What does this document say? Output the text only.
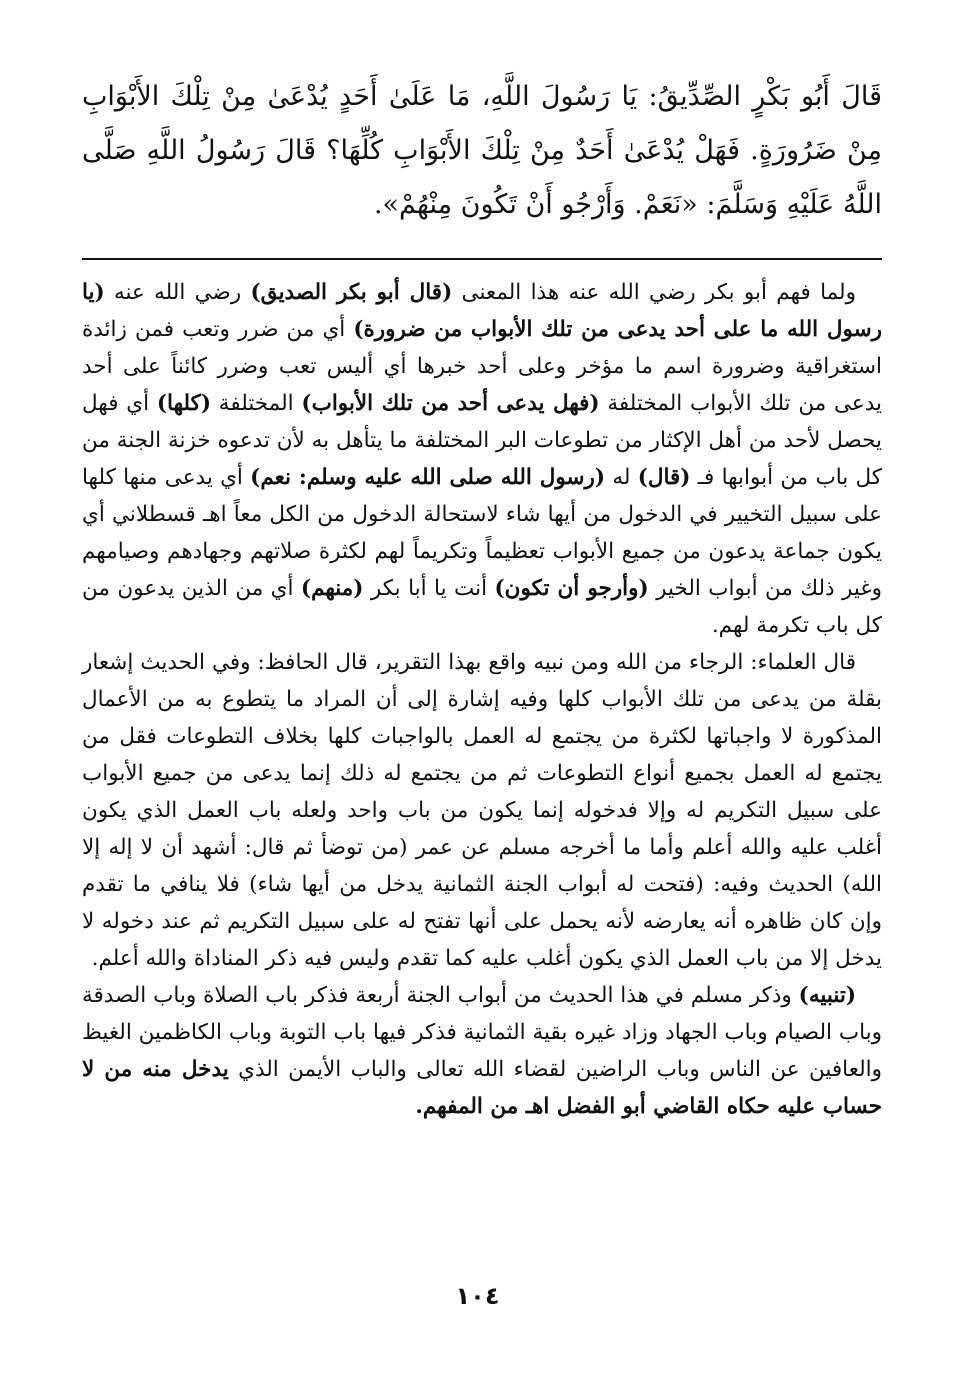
قَالَ أَبُو بَكْرٍ الصِّدِّيقُ: يَا رَسُولَ اللَّهِ، مَا عَلَىٰ أَحَدٍ يُدْعَىٰ مِنْ تِلْكَ الأَبْوَابِ مِنْ ضَرُورَةٍ. فَهَلْ يُدْعَىٰ أَحَدٌ مِنْ تِلْكَ الأَبْوَابِ كُلِّهَا؟ قَالَ رَسُولُ اللَّهِ صَلَّى اللَّهُ عَلَيْهِ وَسَلَّمَ: «نَعَمْ. وَأَرْجُو أَنْ تَكُونَ مِنْهُمْ».

ولما فهم أبو بكر رضي الله عنه هذا المعنى (قال أبو بكر الصديق) رضي الله عنه (يا رسول الله ما على أحد يدعى من تلك الأبواب من ضرورة) أي من ضرر وتعب فمن زائدة استغراقية وضرورة اسم ما مؤخر وعلى أحد خبرها أي أليس تعب وضرر كائناً على أحد يدعى من تلك الأبواب المختلفة (فهل يدعى أحد من تلك الأبواب) المختلفة (كلها) أي فهل يحصل لأحد من أهل الإكثار من تطوعات البر المختلفة ما يتأهل به لأن تدعوه خزنة الجنة من كل باب من أبوابها فـ (قال) له (رسول الله صلى الله عليه وسلم: نعم) أي يدعى منها كلها على سبيل التخيير في الدخول من أيها شاء لاستحالة الدخول من الكل معاً اهـ قسطلاني أي يكون جماعة يدعون من جميع الأبواب تعظيماً وتكريماً لهم لكثرة صلاتهم وجهادهم وصيامهم وغير ذلك من أبواب الخير (وأرجو أن تكون) أنت يا أبا بكر (منهم) أي من الذين يدعون من كل باب تكرمة لهم.

قال العلماء: الرجاء من الله ومن نبيه واقع بهذا التقرير، قال الحافظ: وفي الحديث إشعار بقلة من يدعى من تلك الأبواب كلها وفيه إشارة إلى أن المراد ما يتطوع به من الأعمال المذكورة لا واجباتها لكثرة من يجتمع له العمل بالواجبات كلها بخلاف التطوعات فقل من يجتمع له العمل بجميع أنواع التطوعات ثم من يجتمع له ذلك إنما يدعى من جميع الأبواب على سبيل التكريم له وإلا فدخوله إنما يكون من باب واحد ولعله باب العمل الذي يكون أغلب عليه والله أعلم وأما ما أخرجه مسلم عن عمر (من توضأ ثم قال: أشهد أن لا إله إلا الله) الحديث وفيه: (فتحت له أبواب الجنة الثمانية يدخل من أيها شاء) فلا ينافي ما تقدم وإن كان ظاهره أنه يعارضه لأنه يحمل على أنها تفتح له على سبيل التكريم ثم عند دخوله لا يدخل إلا من باب العمل الذي يكون أغلب عليه كما تقدم وليس فيه ذكر المناداة والله أعلم.

(تنبيه) وذكر مسلم في هذا الحديث من أبواب الجنة أربعة فذكر باب الصلاة وباب الصدقة وباب الصيام وباب الجهاد وزاد غيره بقية الثمانية فذكر فيها باب التوبة وباب الكاظمين الغيظ والعافين عن الناس وباب الراضين لقضاء الله تعالى والباب الأيمن الذي يدخل منه من لا حساب عليه حكاه القاضي أبو الفضل اهـ من المفهم.

١٠٤
